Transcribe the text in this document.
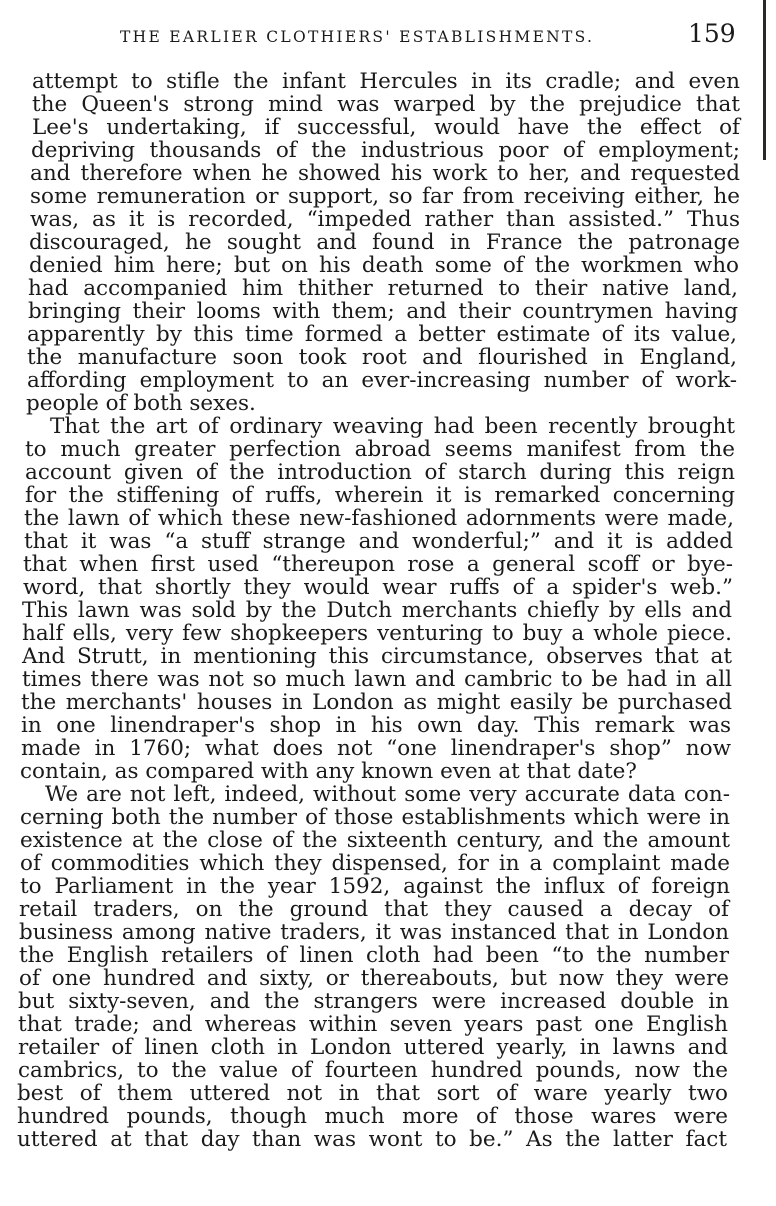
THE EARLIER CLOTHIERS' ESTABLISHMENTS.	159
attempt to stifle the infant Hercules in its cradle; and even
the Queen's strong mind was warped by the prejudice that
Lee's undertaking, if successful, would have the effect of
depriving thousands of the industrious poor of employment;
and therefore when he showed his work to her, and requested
some remuneration or support, so far from receiving either, he
was, as it is recorded, “impeded rather than assisted.” Thus
discouraged, he sought and found in France the patronage
denied him here; but on his death some of the workmen who
had accompanied him thither returned to their native land,
bringing their looms with them; and their countrymen having
apparently by this time formed a better estimate of its value,
the manufacture soon took root and flourished in England,
affording employment to an ever-increasing number of work-
people of both sexes.
That the art of ordinary weaving had been recently brought
to much greater perfection abroad seems manifest from the
account given of the introduction of starch during this reign
for the stiffening of ruffs, wherein it is remarked concerning
the lawn of which these new-fashioned adornments were made,
that it was “a stuff strange and wonderful;” and it is added
that when first used “thereupon rose a general scoff or bye-
word, that shortly they would wear ruffs of a spider's web.”
This lawn was sold by the Dutch merchants chiefly by ells and
half ells, very few shopkeepers venturing to buy a whole piece.
And Strutt, in mentioning this circumstance, observes that at
times there was not so much lawn and cambric to be had in all
the merchants' houses in London as might easily be purchased
in one linendraper's shop in his own day. This remark was
made in 1760; what does not “one linendraper's shop” now
contain, as compared with any known even at that date?
We are not left, indeed, without some very accurate data con-
cerning both the number of those establishments which were in
existence at the close of the sixteenth century, and the amount
of commodities which they dispensed, for in a complaint made
to Parliament in the year 1592, against the influx of foreign
retail traders, on the ground that they caused a decay of
business among native traders, it was instanced that in London
the English retailers of linen cloth had been “to the number
of one hundred and sixty, or thereabouts, but now they were
but sixty-seven, and the strangers were increased double in
that trade; and whereas within seven years past one English
retailer of linen cloth in London uttered yearly, in lawns and
cambrics, to the value of fourteen hundred pounds, now the
best of them uttered not in that sort of ware yearly two
hundred pounds, though much more of those wares were
uttered at that day than was wont to be.” As the latter fact
